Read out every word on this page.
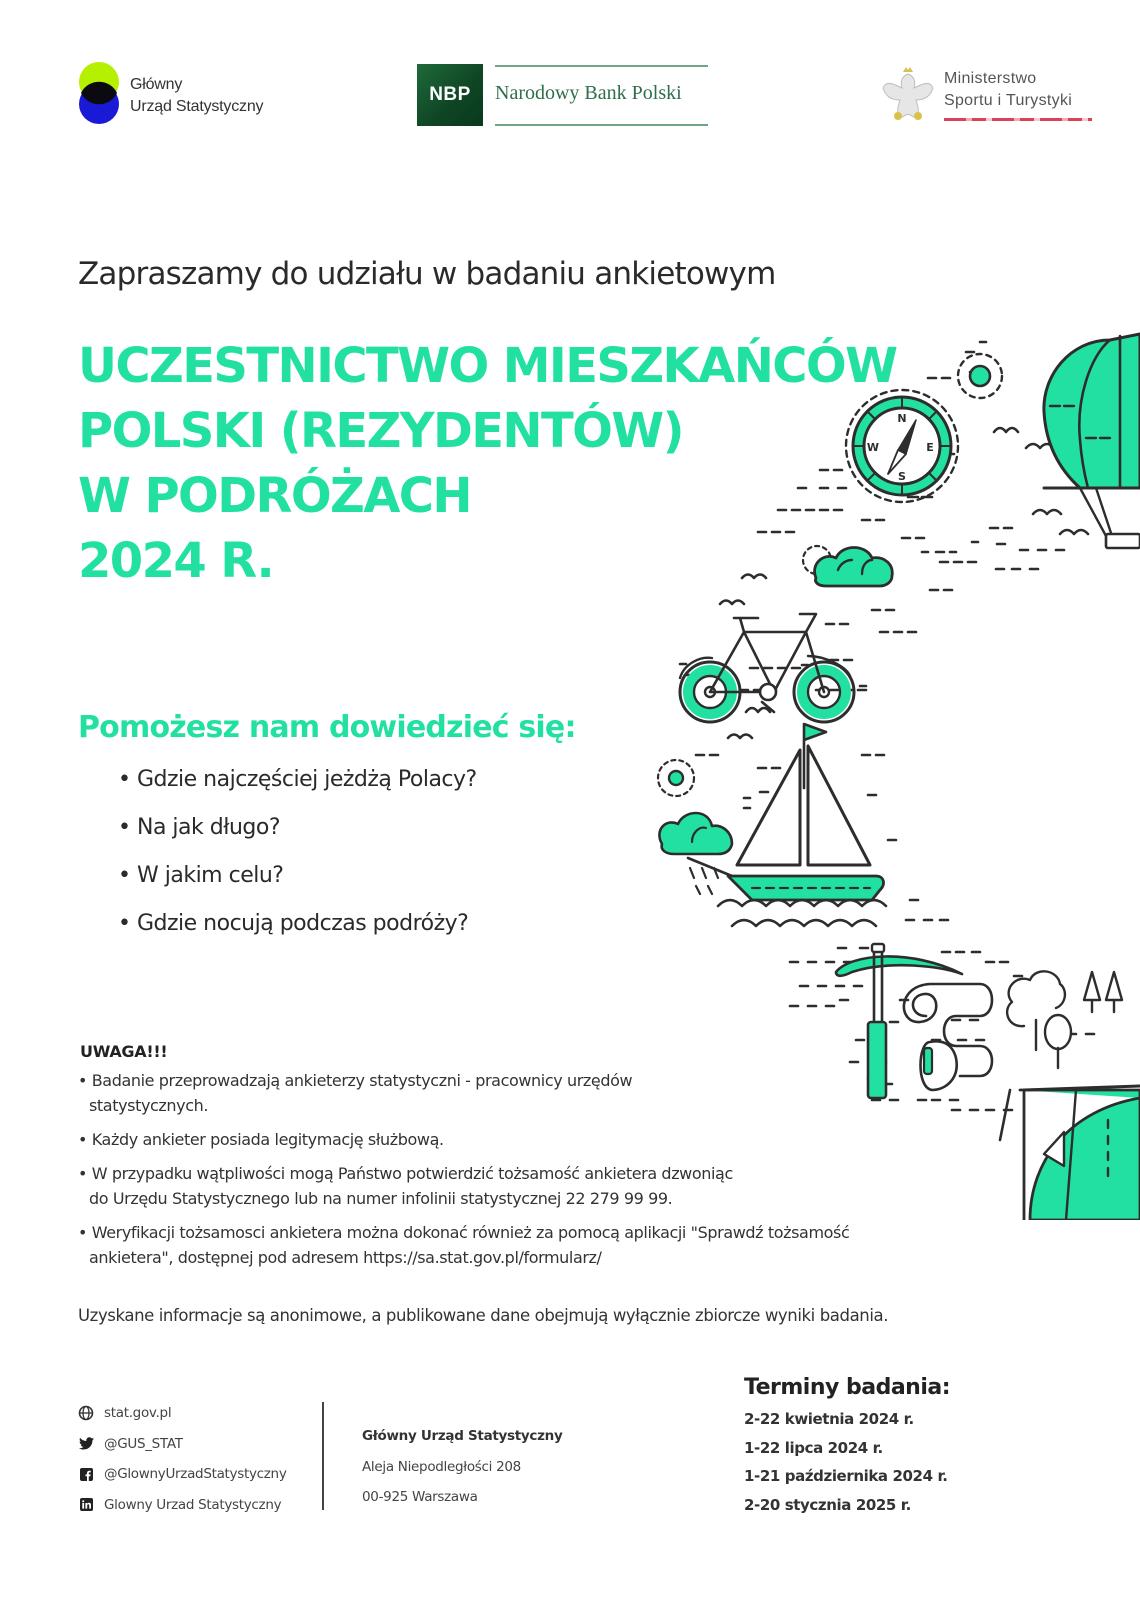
Główny
Urząd Statystyczny
NBP	Narodowy Bank Polski
Ministerstwo
Sportu i Turystyki
Zapraszamy do udziału w badaniu ankietowym
UCZESTNICTWO MIESZKAŃCÓW
POLSKI (REZYDENTÓW)
W PODRÓŻACH
2024 R.
Pomożesz nam dowiedzieć się:
• Gdzie najczęściej jeżdżą Polacy?
• Na jak długo?
• W jakim celu?
• Gdzie nocują podczas podróży?
UWAGA!!!
• Badanie przeprowadzają ankieterzy statystyczni - pracownicy urzędów
statystycznych.
• Każdy ankieter posiada legitymację służbową.
• W przypadku wątpliwości mogą Państwo potwierdzić tożsamość ankietera dzwoniąc
do Urzędu Statystycznego lub na numer infolinii statystycznej 22 279 99 99.
• Weryfikacji tożsamosci ankietera można dokonać również za pomocą aplikacji "Sprawdź tożsamość
ankietera", dostępnej pod adresem https://sa.stat.gov.pl/formularz/
Uzyskane informacje są anonimowe, a publikowane dane obejmują wyłącznie zbiorcze wyniki badania.
stat.gov.pl
@GUS_STAT
@GlownyUrzadStatystyczny
Glowny Urzad Statystyczny
Główny Urząd Statystyczny
Aleja Niepodległości 208
00-925 Warszawa
Terminy badania:
2-22 kwietnia 2024 r.
1-22 lipca 2024 r.
1-21 października 2024 r.
2-20 stycznia 2025 r.
N
E
S
W
